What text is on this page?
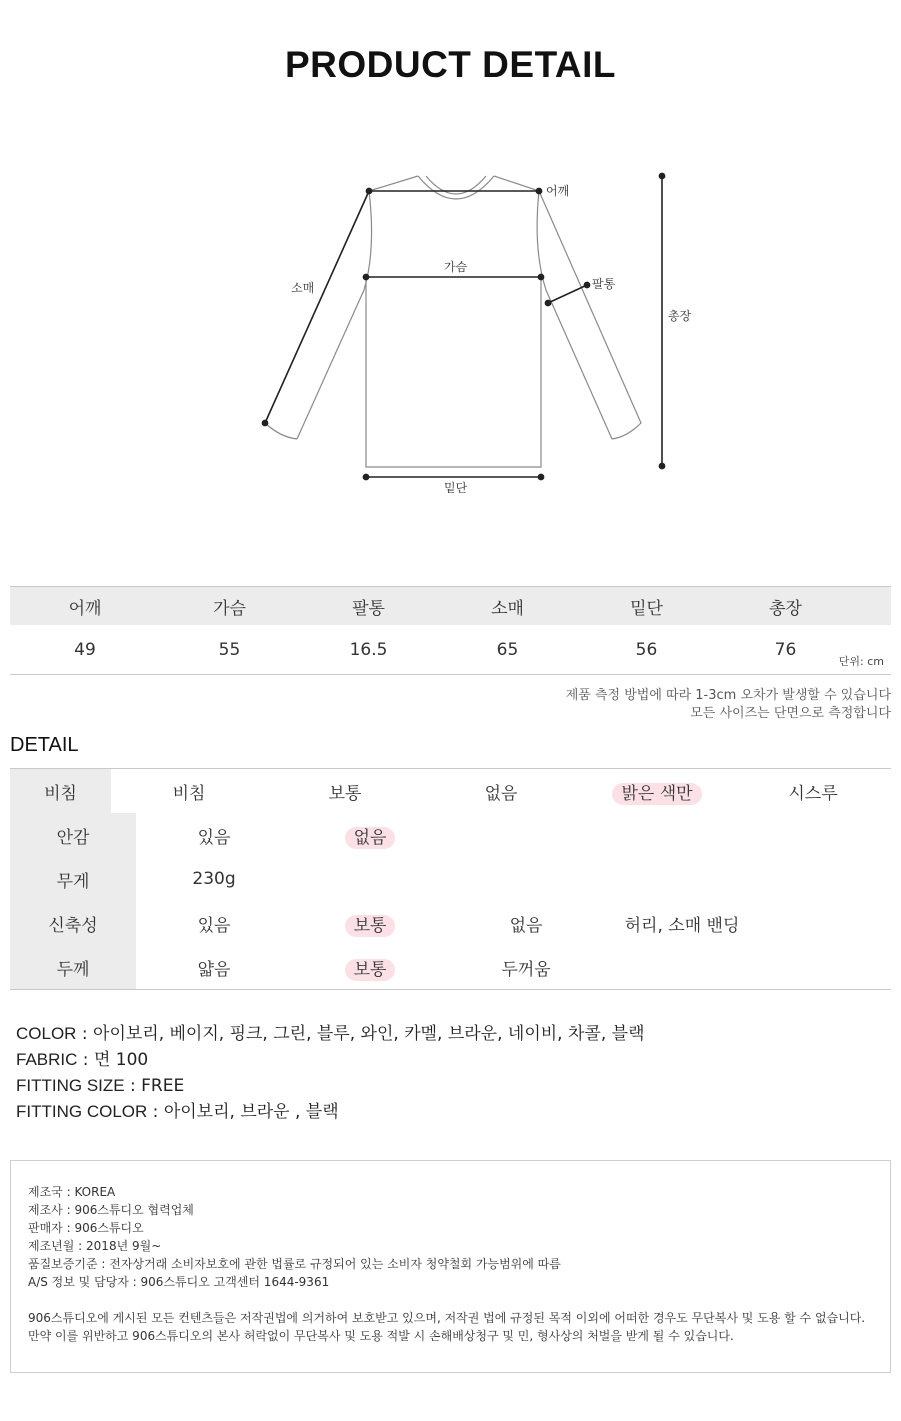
PRODUCT DETAIL
어깨
가슴
팔통
소매
밑단
총장
어깨	가슴	팔통	소매	밑단	총장
49	55	16.5	65	56	76
단위: cm
제품 측정 방법에 따라 1-3cm 오차가 발생할 수 있습니다
모든 사이즈는 단면으로 측정합니다
DETAIL
비침	비침	보통	없음	밝은 색만	시스루
안감	있음	없음
무게	230g
신축성	있음	보통	없음	허리, 소매 밴딩
두께	얇음	보통	두꺼움
COLOR : 아이보리, 베이지, 핑크, 그린, 블루, 와인, 카멜, 브라운, 네이비, 차콜, 블랙
FABRIC : 면 100
FITTING SIZE : FREE
FITTING COLOR : 아이보리, 브라운 , 블랙
제조국 : KOREA
제조사 : 906스튜디오 협력업체
판매자 : 906스튜디오
제조년월 : 2018년 9월~
품질보증기준 : 전자상거래 소비자보호에 관한 법률로 규정되어 있는 소비자 청약철회 가능범위에 따름
A/S 정보 및 담당자 : 906스튜디오 고객센터 1644-9361
906스튜디오에 게시된 모든 컨텐츠들은 저작권법에 의거하여 보호받고 있으며, 저작권 법에 규정된 목적 이외에 어떠한 경우도 무단복사 및 도용 할 수 없습니다.
만약 이를 위반하고 906스튜디오의 본사 허락없이 무단복사 및 도용 적발 시 손해배상청구 및 민, 형사상의 처벌을 받게 될 수 있습니다.
